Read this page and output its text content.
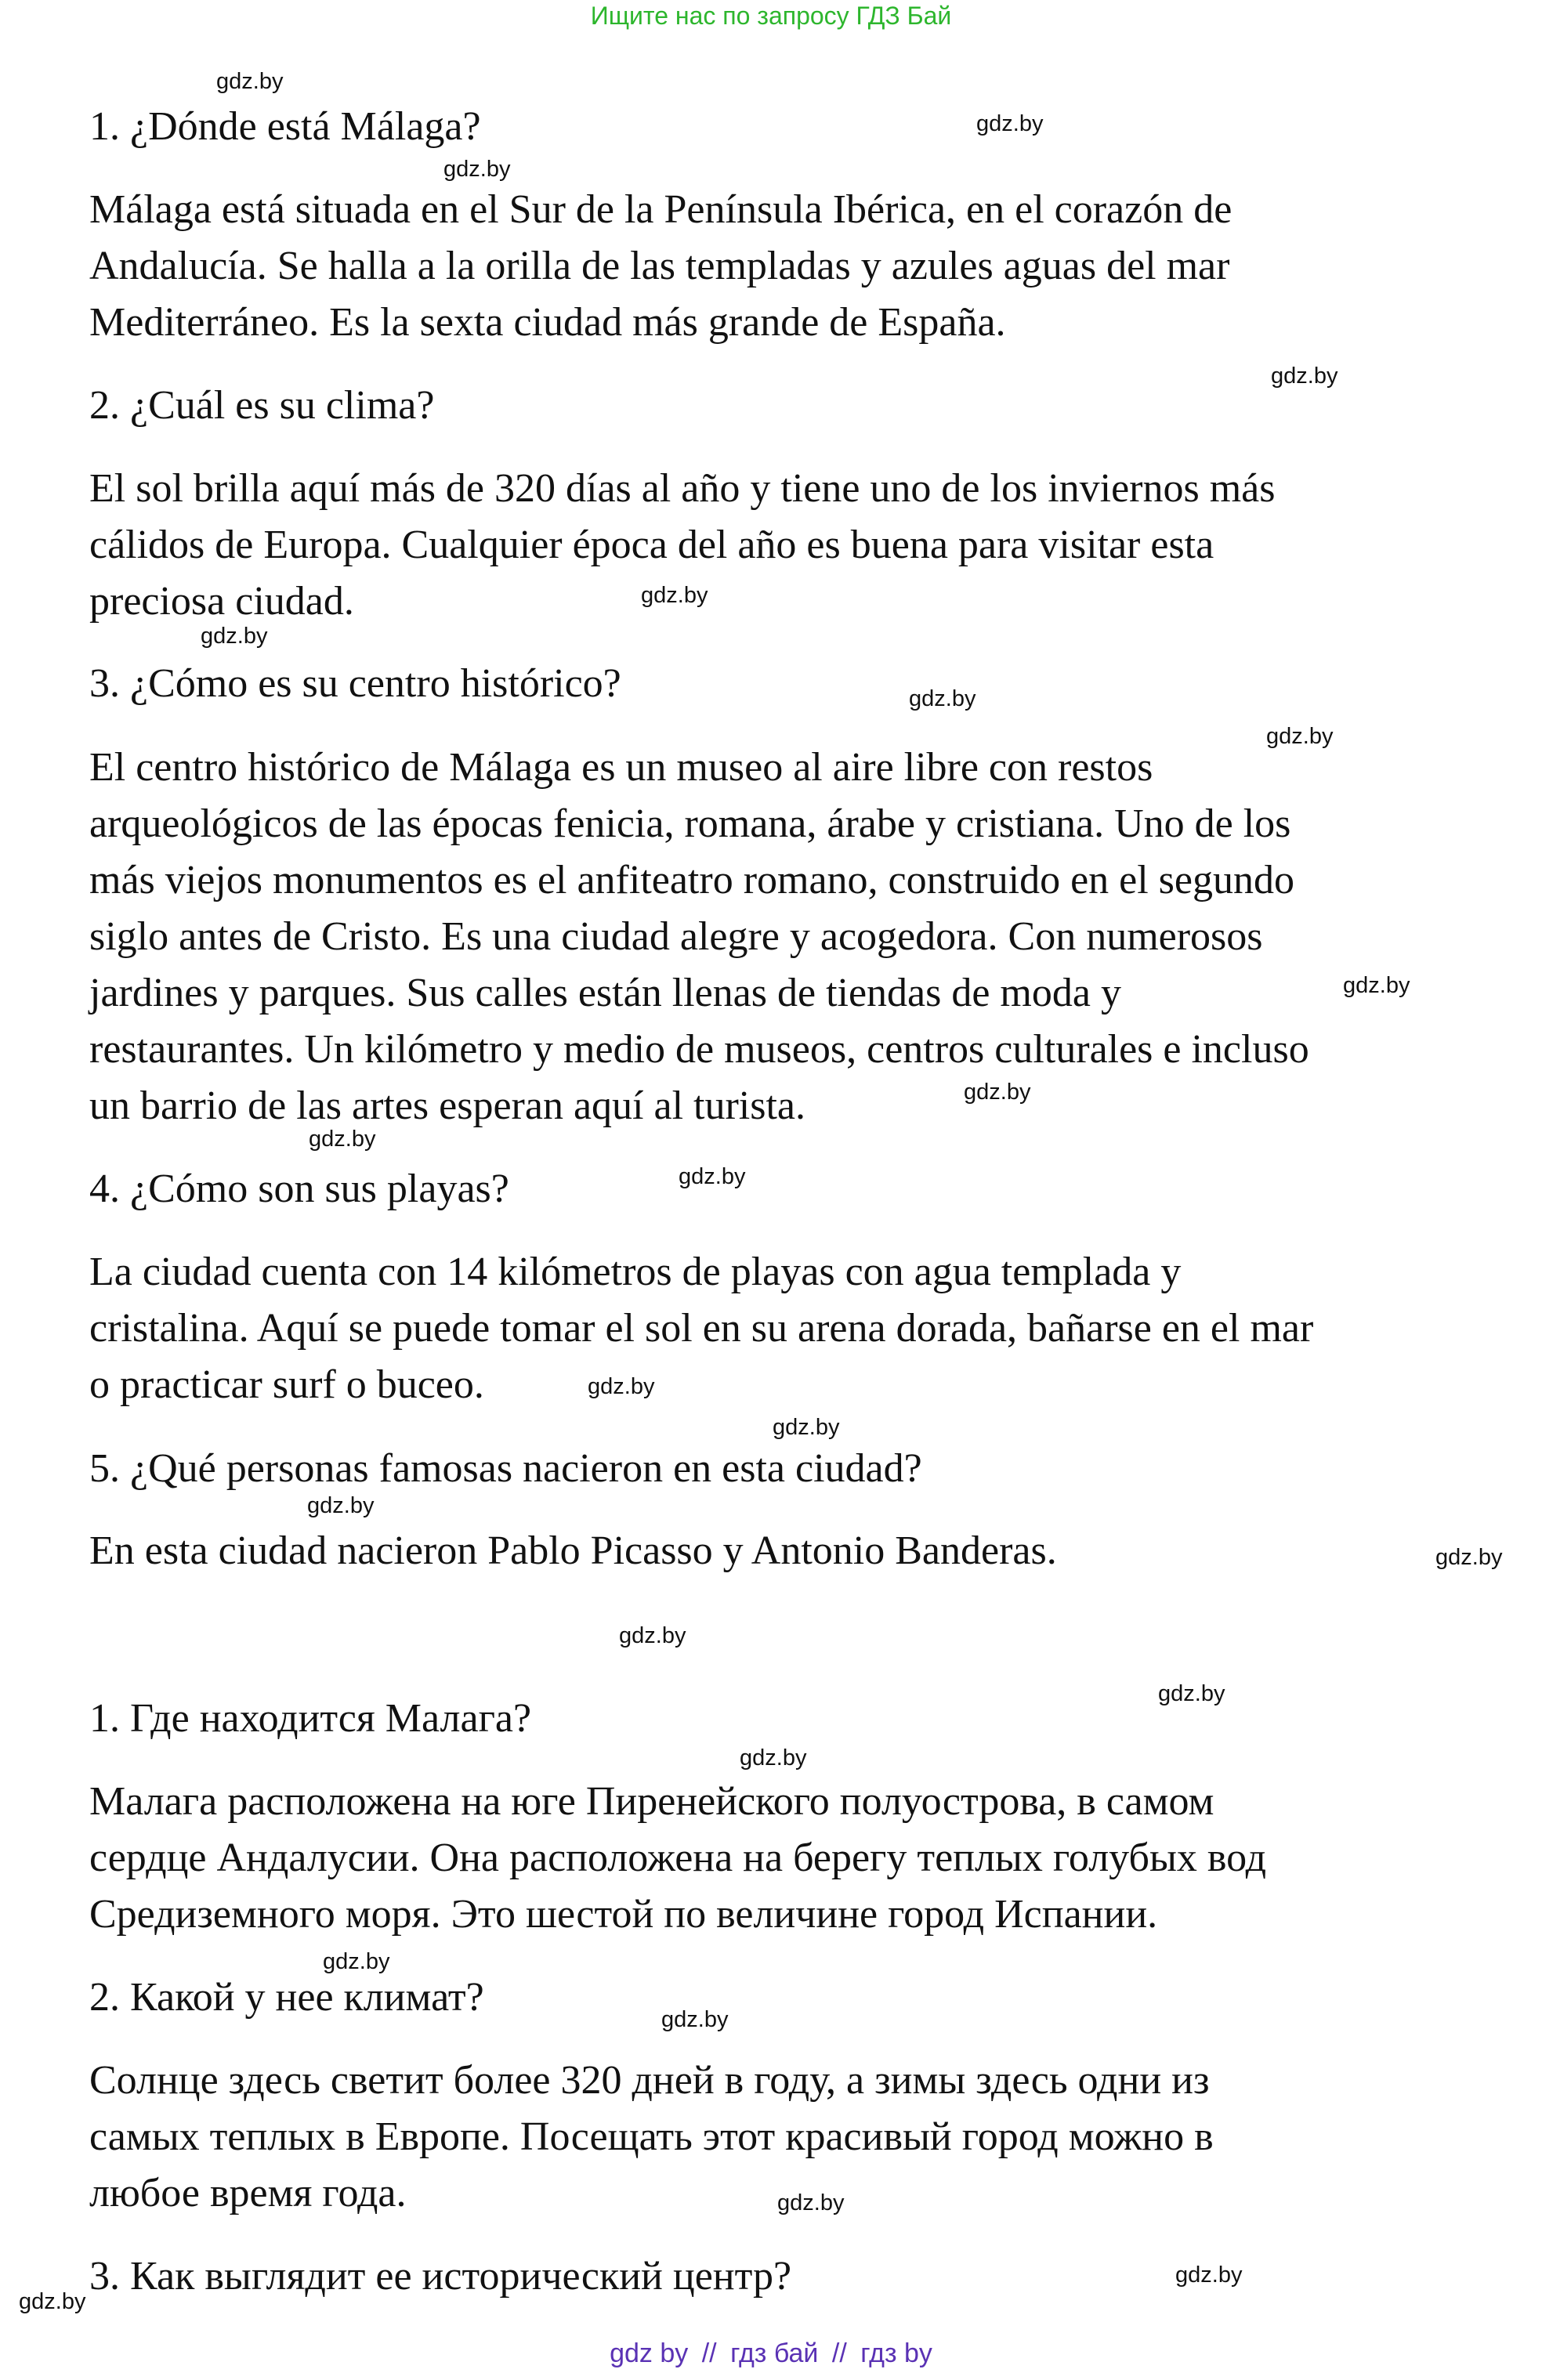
Ищите нас по запросу ГДЗ Бай
1. ¿Dónde está Málaga?
Málaga está situada en el Sur de la Península Ibérica, en el corazón de
Andalucía. Se halla a la orilla de las templadas y azules aguas del mar
Mediterráneo. Es la sexta ciudad más grande de España.
2. ¿Cuál es su clima?
El sol brilla aquí más de 320 días al año y tiene uno de los inviernos más
cálidos de Europa. Cualquier época del año es buena para visitar esta
preciosa ciudad.
3. ¿Cómo es su centro histórico?
El centro histórico de Málaga es un museo al aire libre con restos
arqueológicos de las épocas fenicia, romana, árabe y cristiana. Uno de los
más viejos monumentos es el anfiteatro romano, construido en el segundo
siglo antes de Cristo. Es una ciudad alegre y acogedora. Con numerosos
jardines y parques. Sus calles están llenas de tiendas de moda y
restaurantes. Un kilómetro y medio de museos, centros culturales e incluso
un barrio de las artes esperan aquí al turista.
4. ¿Cómo son sus playas?
La ciudad cuenta con 14 kilómetros de playas con agua templada y
cristalina. Aquí se puede tomar el sol en su arena dorada, bañarse en el mar
o practicar surf o buceo.
5. ¿Qué personas famosas nacieron en esta ciudad?
En esta ciudad nacieron Pablo Picasso y Antonio Banderas.
1. Где находится Малага?
Малага расположена на юге Пиренейского полуострова, в самом
сердце Андалусии. Она расположена на берегу теплых голубых вод
Средиземного моря. Это шестой по величине город Испании.
2. Какой у нее климат?
Солнце здесь светит более 320 дней в году, а зимы здесь одни из
самых теплых в Европе. Посещать этот красивый город можно в
любое время года.
3. Как выглядит ее исторический центр?
gdz.by
gdz.by
gdz.by
gdz.by
gdz.by
gdz.by
gdz.by
gdz.by
gdz.by
gdz.by
gdz.by
gdz.by
gdz.by
gdz.by
gdz.by
gdz.by
gdz.by
gdz.by
gdz.by
gdz.by
gdz.by
gdz.by
gdz.by
gdz.by
gdz by // гдз бай // гдз by
